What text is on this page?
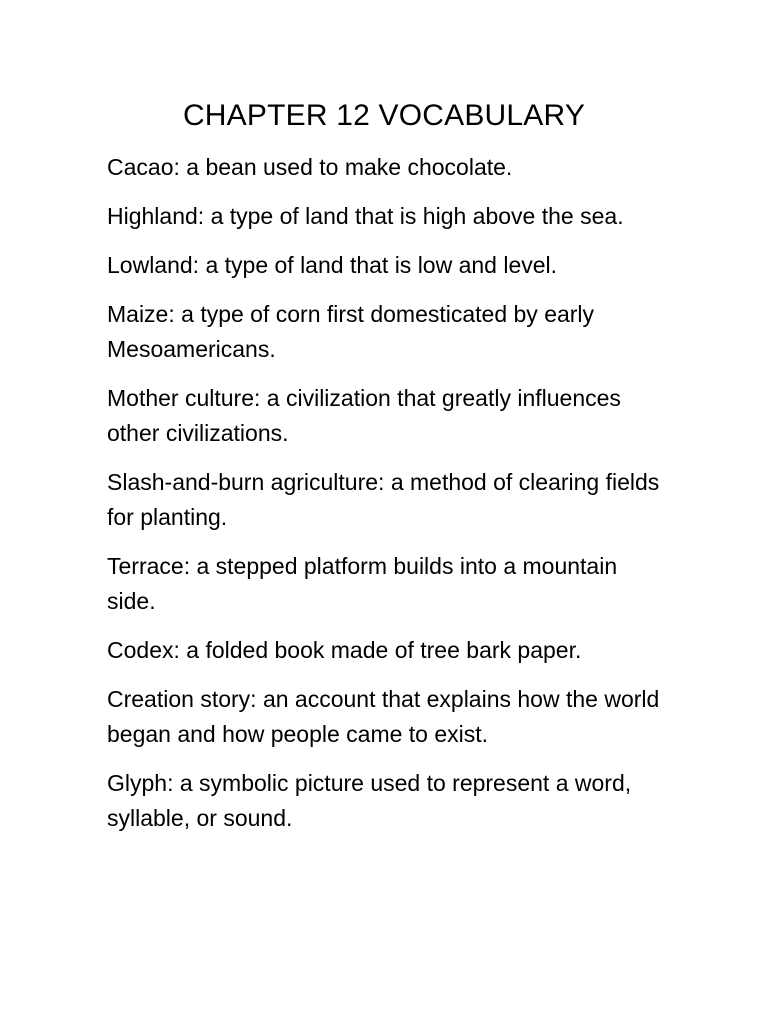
CHAPTER 12 VOCABULARY
Cacao: a bean used to make chocolate.
Highland: a type of land that is high above the sea.
Lowland: a type of land that is low and level.
Maize: a type of corn first domesticated by early Mesoamericans.
Mother culture: a civilization that greatly influences other civilizations.
Slash-and-burn agriculture: a method of clearing fields for planting.
Terrace: a stepped platform builds into a mountain side.
Codex: a folded book made of tree bark paper.
Creation story: an account that explains how the world began and how people came to exist.
Glyph: a symbolic picture used to represent a word, syllable, or sound.
